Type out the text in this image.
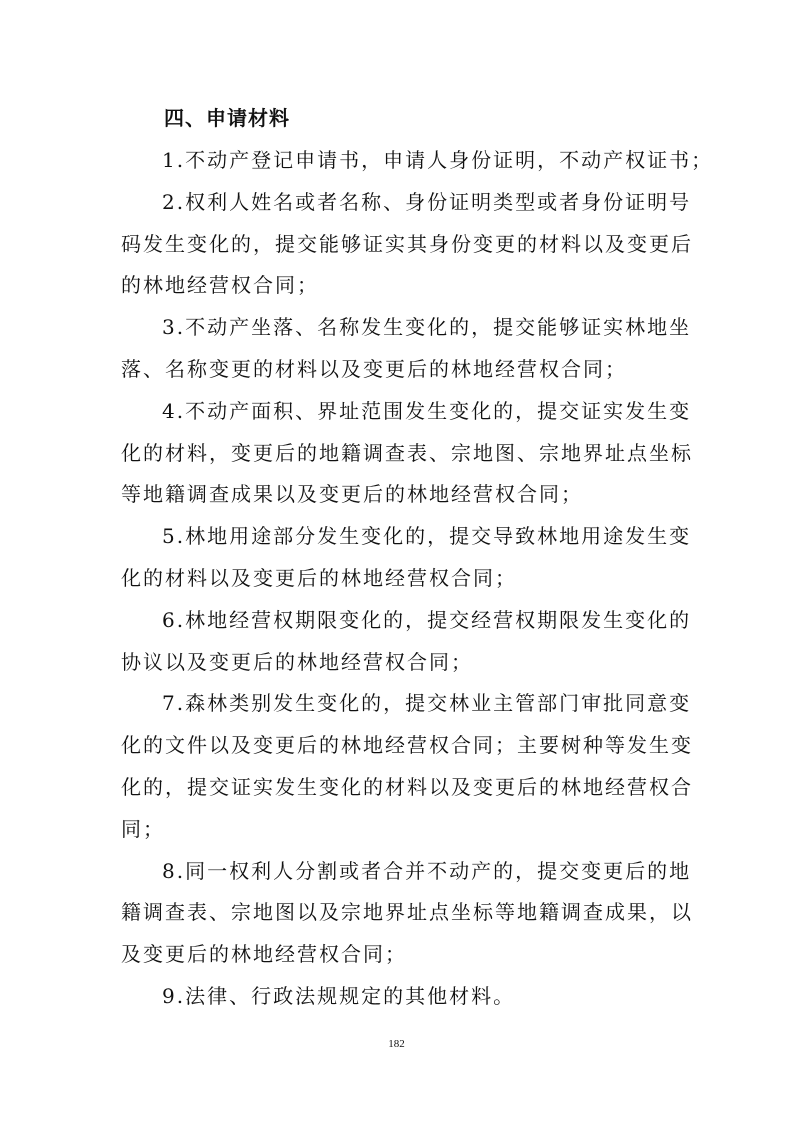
四、申请材料

1.不动产登记申请书，申请人身份证明，不动产权证书；

2.权利人姓名或者名称、身份证明类型或者身份证明号
码发生变化的，提交能够证实其身份变更的材料以及变更后
的林地经营权合同；

3.不动产坐落、名称发生变化的，提交能够证实林地坐
落、名称变更的材料以及变更后的林地经营权合同；

4.不动产面积、界址范围发生变化的，提交证实发生变
化的材料，变更后的地籍调查表、宗地图、宗地界址点坐标
等地籍调查成果以及变更后的林地经营权合同；

5.林地用途部分发生变化的，提交导致林地用途发生变
化的材料以及变更后的林地经营权合同；

6.林地经营权期限变化的，提交经营权期限发生变化的
协议以及变更后的林地经营权合同；

7.森林类别发生变化的，提交林业主管部门审批同意变
化的文件以及变更后的林地经营权合同；主要树种等发生变
化的，提交证实发生变化的材料以及变更后的林地经营权合
同；

8.同一权利人分割或者合并不动产的，提交变更后的地
籍调查表、宗地图以及宗地界址点坐标等地籍调查成果，以
及变更后的林地经营权合同；

9.法律、行政法规规定的其他材料。

182
